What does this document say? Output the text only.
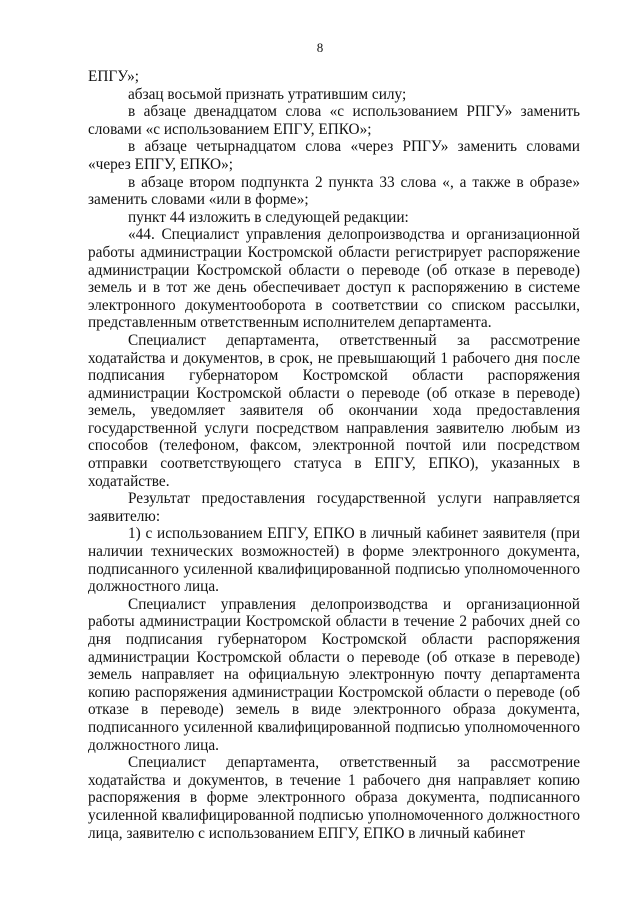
8

ЕПГУ»;

абзац восьмой признать утратившим силу;

в абзаце двенадцатом слова «с использованием РПГУ» заменить словами «с использованием ЕПГУ, ЕПКО»;

в абзаце четырнадцатом слова «через РПГУ» заменить словами «через ЕПГУ, ЕПКО»;

в абзаце втором подпункта 2 пункта 33 слова «, а также в образе» заменить словами «или в форме»;

пункт 44 изложить в следующей редакции:

«44. Специалист управления делопроизводства и организационной работы администрации Костромской области регистрирует распоряжение администрации Костромской области о переводе (об отказе в переводе) земель и в тот же день обеспечивает доступ к распоряжению в системе электронного документооборота в соответствии со списком рассылки, представленным ответственным исполнителем департамента.

Специалист департамента, ответственный за рассмотрение ходатайства и документов, в срок, не превышающий 1 рабочего дня после подписания губернатором Костромской области распоряжения администрации Костромской области о переводе (об отказе в переводе) земель, уведомляет заявителя об окончании хода предоставления государственной услуги посредством направления заявителю любым из способов (телефоном, факсом, электронной почтой или посредством отправки соответствующего статуса в ЕПГУ, ЕПКО), указанных в ходатайстве.

Результат предоставления государственной услуги направляется заявителю:

1) с использованием ЕПГУ, ЕПКО в личный кабинет заявителя (при наличии технических возможностей) в форме электронного документа, подписанного усиленной квалифицированной подписью уполномоченного должностного лица.

Специалист управления делопроизводства и организационной работы администрации Костромской области в течение 2 рабочих дней со дня подписания губернатором Костромской области распоряжения администрации Костромской области о переводе (об отказе в переводе) земель направляет на официальную электронную почту департамента копию распоряжения администрации Костромской области о переводе (об отказе в переводе) земель в виде электронного образа документа, подписанного усиленной квалифицированной подписью уполномоченного должностного лица.

Специалист департамента, ответственный за рассмотрение ходатайства и документов, в течение 1 рабочего дня направляет копию распоряжения в форме электронного образа документа, подписанного усиленной квалифицированной подписью уполномоченного должностного лица, заявителю с использованием ЕПГУ, ЕПКО в личный кабинет
